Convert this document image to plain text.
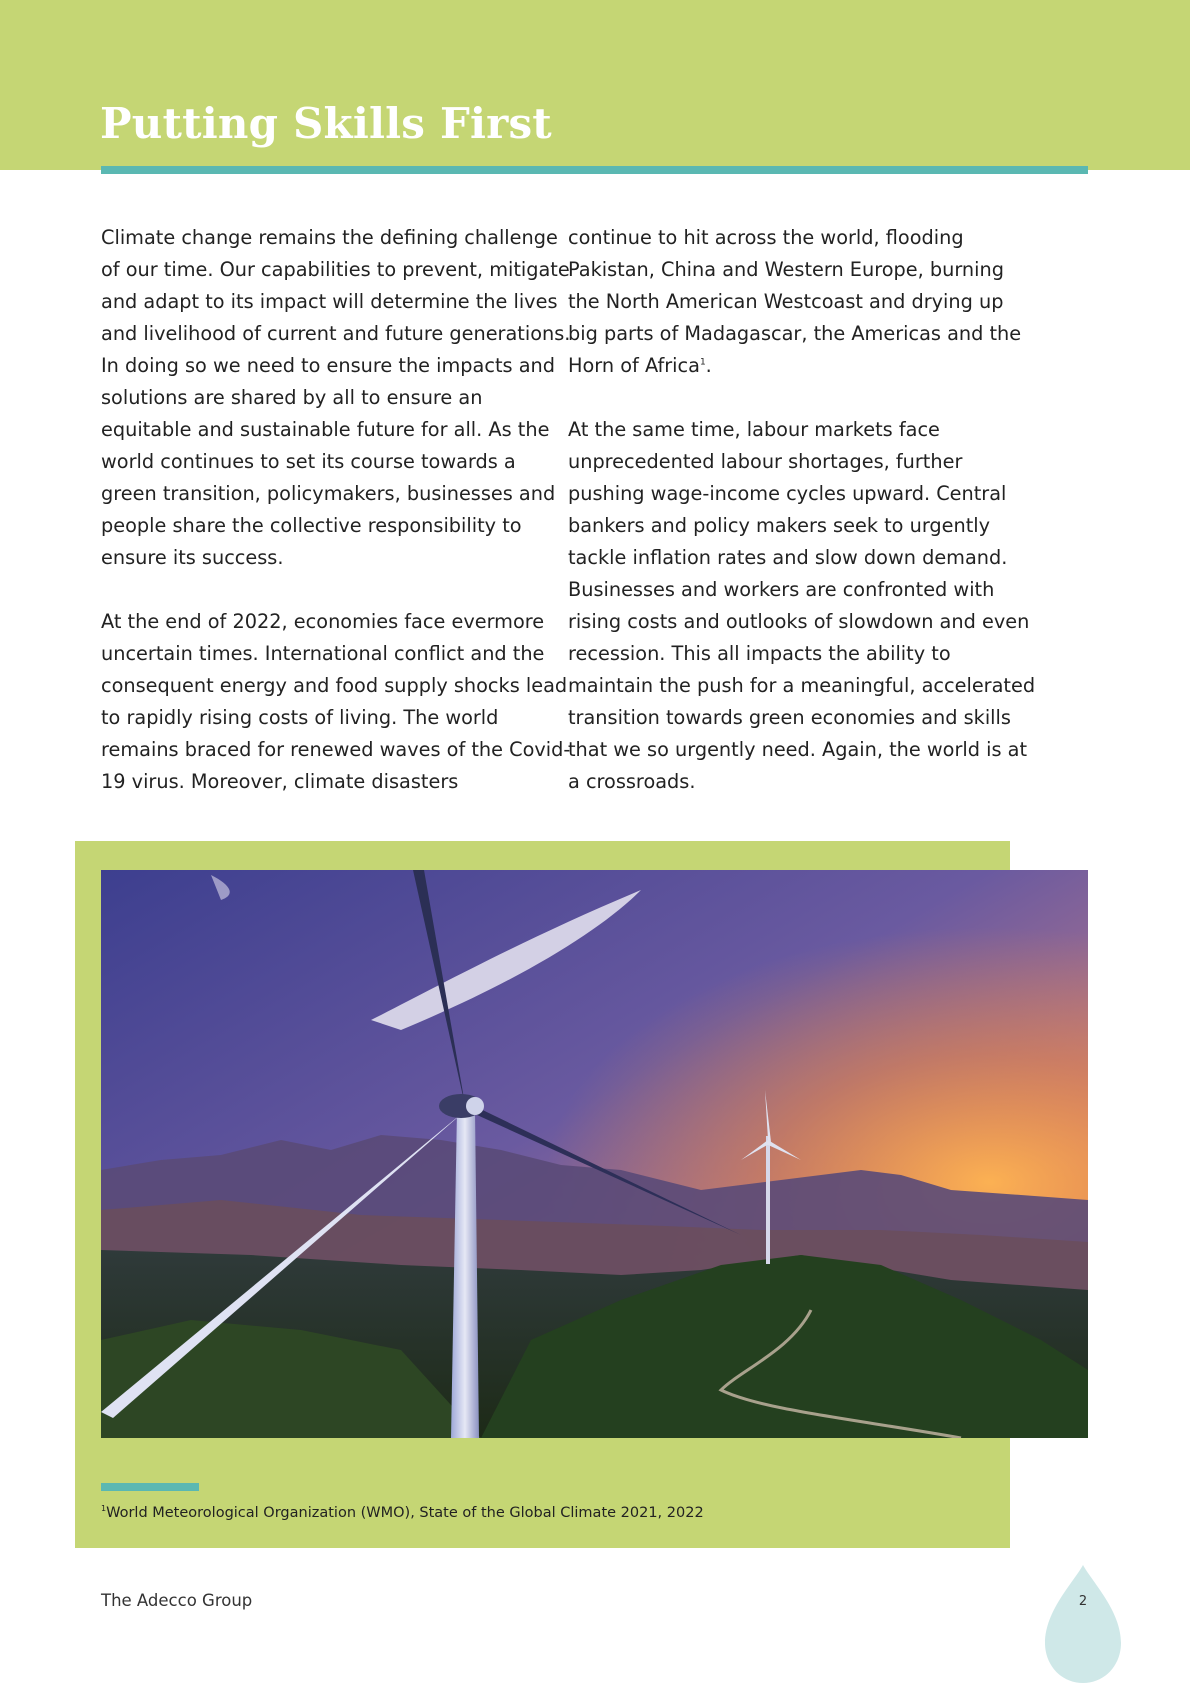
Putting Skills First

Climate change remains the defining challenge of our time. Our capabilities to prevent, mitigate and adapt to its impact will determine the lives and livelihood of current and future generations. In doing so we need to ensure the impacts and solutions are shared by all to ensure an equitable and sustainable future for all. As the world continues to set its course towards a green transition, policymakers, businesses and people share the collective responsibility to ensure its success.

At the end of 2022, economies face evermore uncertain times. International conflict and the consequent energy and food supply shocks lead to rapidly rising costs of living. The world remains braced for renewed waves of the Covid-19 virus. Moreover, climate disasters

continue to hit across the world, flooding Pakistan, China and Western Europe, burning the North American Westcoast and drying up big parts of Madagascar, the Americas and the Horn of Africa$^1$.

At the same time, labour markets face unprecedented labour shortages, further pushing wage-income cycles upward. Central bankers and policy makers seek to urgently tackle inflation rates and slow down demand. Businesses and workers are confronted with rising costs and outlooks of slowdown and even recession. This all impacts the ability to maintain the push for a meaningful, accelerated transition towards green economies and skills that we so urgently need. Again, the world is at a crossroads.

$^1$World Meteorological Organization (WMO), State of the Global Climate 2021, 2022
The Adecco Group	2
